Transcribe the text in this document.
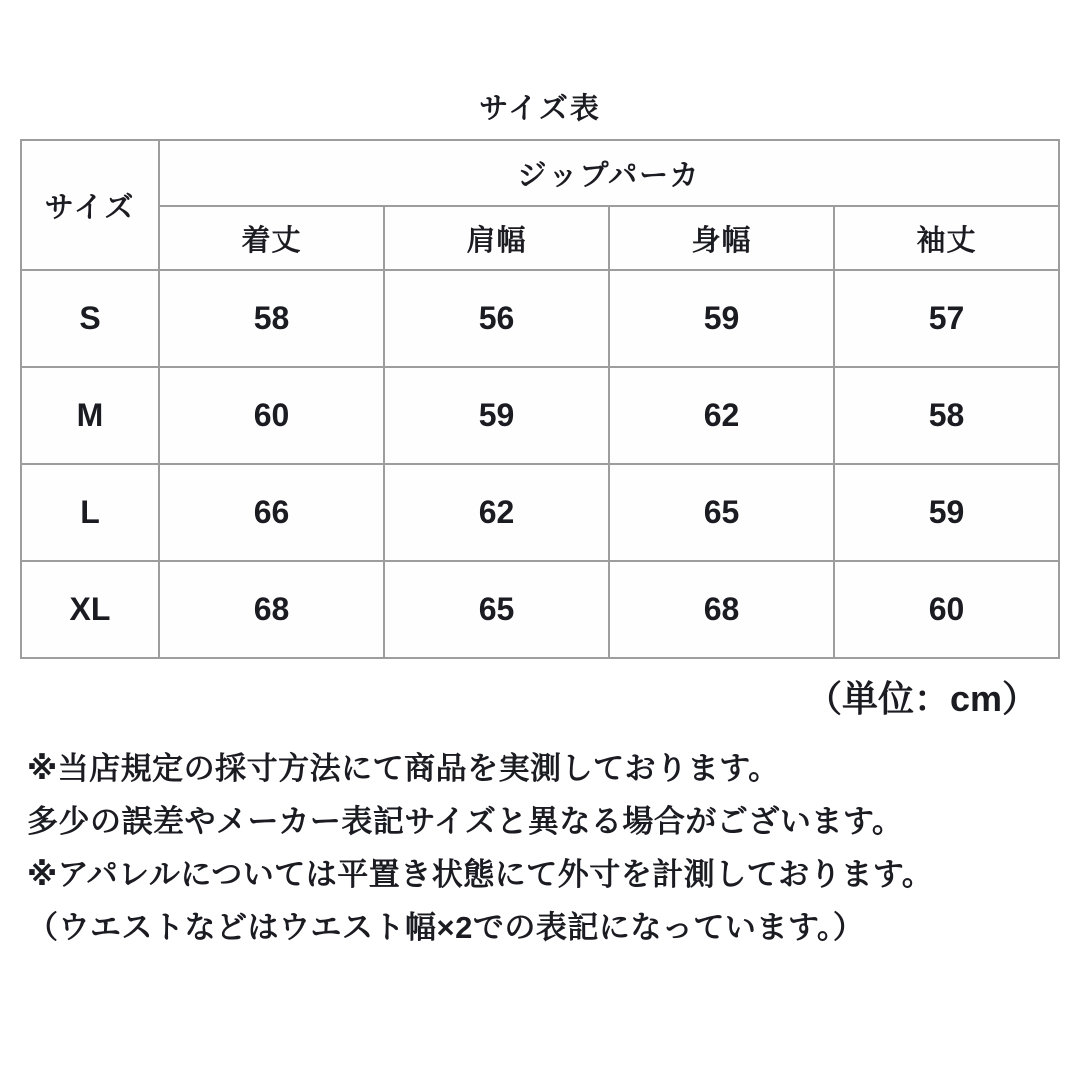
サイズ表
サイズ	ジップパーカ			
	着丈	肩幅	身幅	袖丈
S	58	56	59	57
M	60	59	62	58
L	66	62	65	59
XL	68	65	68	60
（単位：cm）

※当店規定の採寸方法にて商品を実測しております。

多少の誤差やメーカー表記サイズと異なる場合がございます。

※アパレルについては平置き状態にて外寸を計測しております。

（ウエストなどはウエスト幅×2での表記になっています。）
